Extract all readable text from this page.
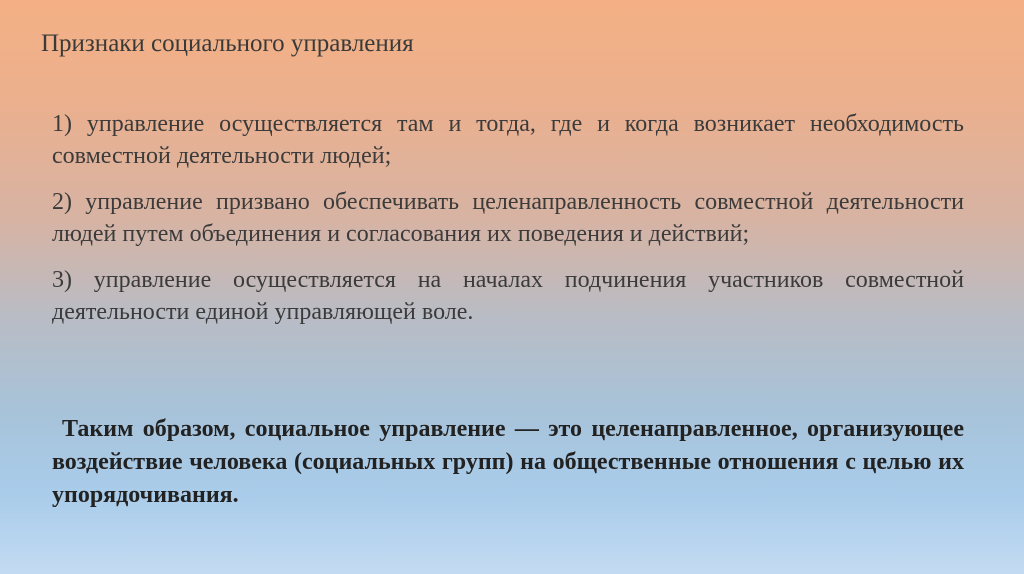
Признаки социального управления

1) управление осуществляется там и тогда, где и когда возникает необходимость совместной деятельности людей;

2) управление призвано обеспечивать целенаправленность совместной деятельности людей путем объединения и согласования их поведения и действий;

3) управление осуществляется на началах подчинения участников совместной деятельности единой управляющей воле.

Таким образом, социальное управление — это целенаправленное, организующее воздействие человека (социальных групп) на общественные отношения с целью их упорядочивания.
